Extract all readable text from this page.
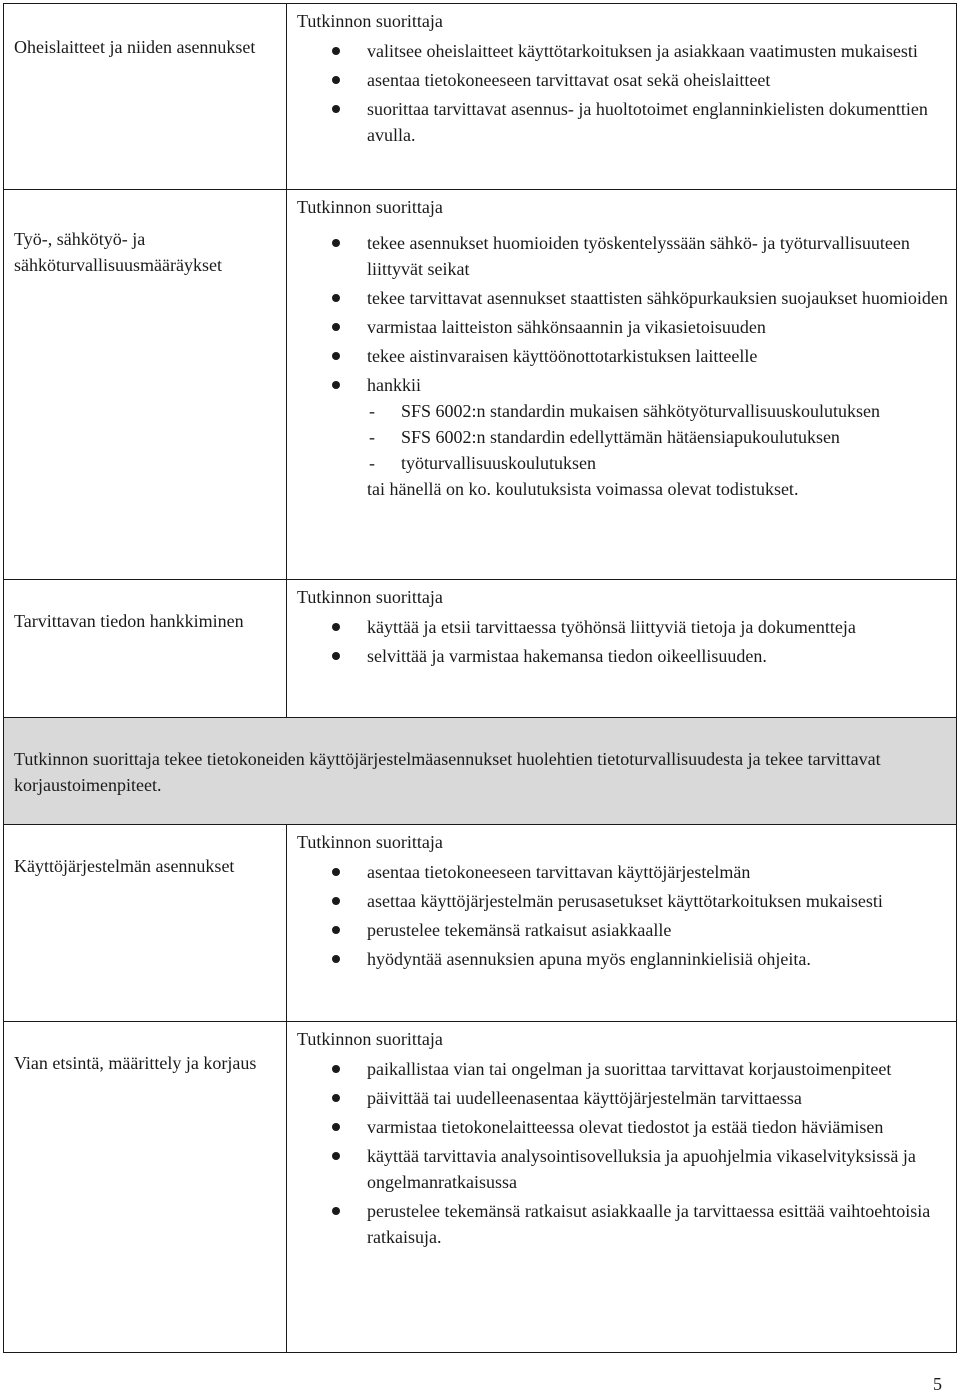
Oheislaitteet ja niiden asennukset
Tutkinnon suorittaja
valitsee oheislaitteet käyttötarkoituksen ja asiakkaan vaatimusten mukaisesti
asentaa tietokoneeseen tarvittavat osat sekä oheislaitteet
suorittaa tarvittavat asennus- ja huoltotoimet englanninkielisten dokumenttien avulla.
Työ-, sähkötyö- ja sähköturvallisuusmääräykset
Tutkinnon suorittaja
tekee asennukset huomioiden työskentelyssään sähkö- ja työturvallisuuteen liittyvät seikat
tekee tarvittavat asennukset staattisten sähköpurkauksien suojaukset huomioiden
varmistaa laitteiston sähkönsaannin ja vikasietoisuuden
tekee aistinvaraisen käyttöönottotarkistuksen laitteelle
hankkii
- SFS 6002:n standardin mukaisen sähkötyöturvallisuuskoulutuksen
- SFS 6002:n standardin edellyttämän hätäensiapukoulutuksen
- työturvallisuuskoulutuksen
tai hänellä on ko. koulutuksista voimassa olevat todistukset.
Tarvittavan tiedon hankkiminen
Tutkinnon suorittaja
käyttää ja etsii tarvittaessa työhönsä liittyviä tietoja ja dokumentteja
selvittää ja varmistaa hakemansa tiedon oikeellisuuden.
Tutkinnon suorittaja tekee tietokoneiden käyttöjärjestelmäasennukset huolehtien tietoturvallisuudesta ja tekee tarvittavat korjaustoimenpiteet.
Käyttöjärjestelmän asennukset
Tutkinnon suorittaja
asentaa tietokoneeseen tarvittavan käyttöjärjestelmän
asettaa käyttöjärjestelmän perusasetukset käyttötarkoituksen mukaisesti
perustelee tekemänsä ratkaisut asiakkaalle
hyödyntää asennuksien apuna myös englanninkielisiä ohjeita.
Vian etsintä, määrittely ja korjaus
Tutkinnon suorittaja
paikallistaa vian tai ongelman ja suorittaa tarvittavat korjaustoimenpiteet
päivittää tai uudelleenasentaa käyttöjärjestelmän tarvittaessa
varmistaa tietokonelaitteessa olevat tiedostot ja estää tiedon häviämisen
käyttää tarvittavia analysointisovelluksia ja apuohjelmia vikaselvityksissä ja ongelmanratkaisussa
perustelee tekemänsä ratkaisut asiakkaalle ja tarvittaessa esittää vaihtoehtoisia ratkaisuja.
5
